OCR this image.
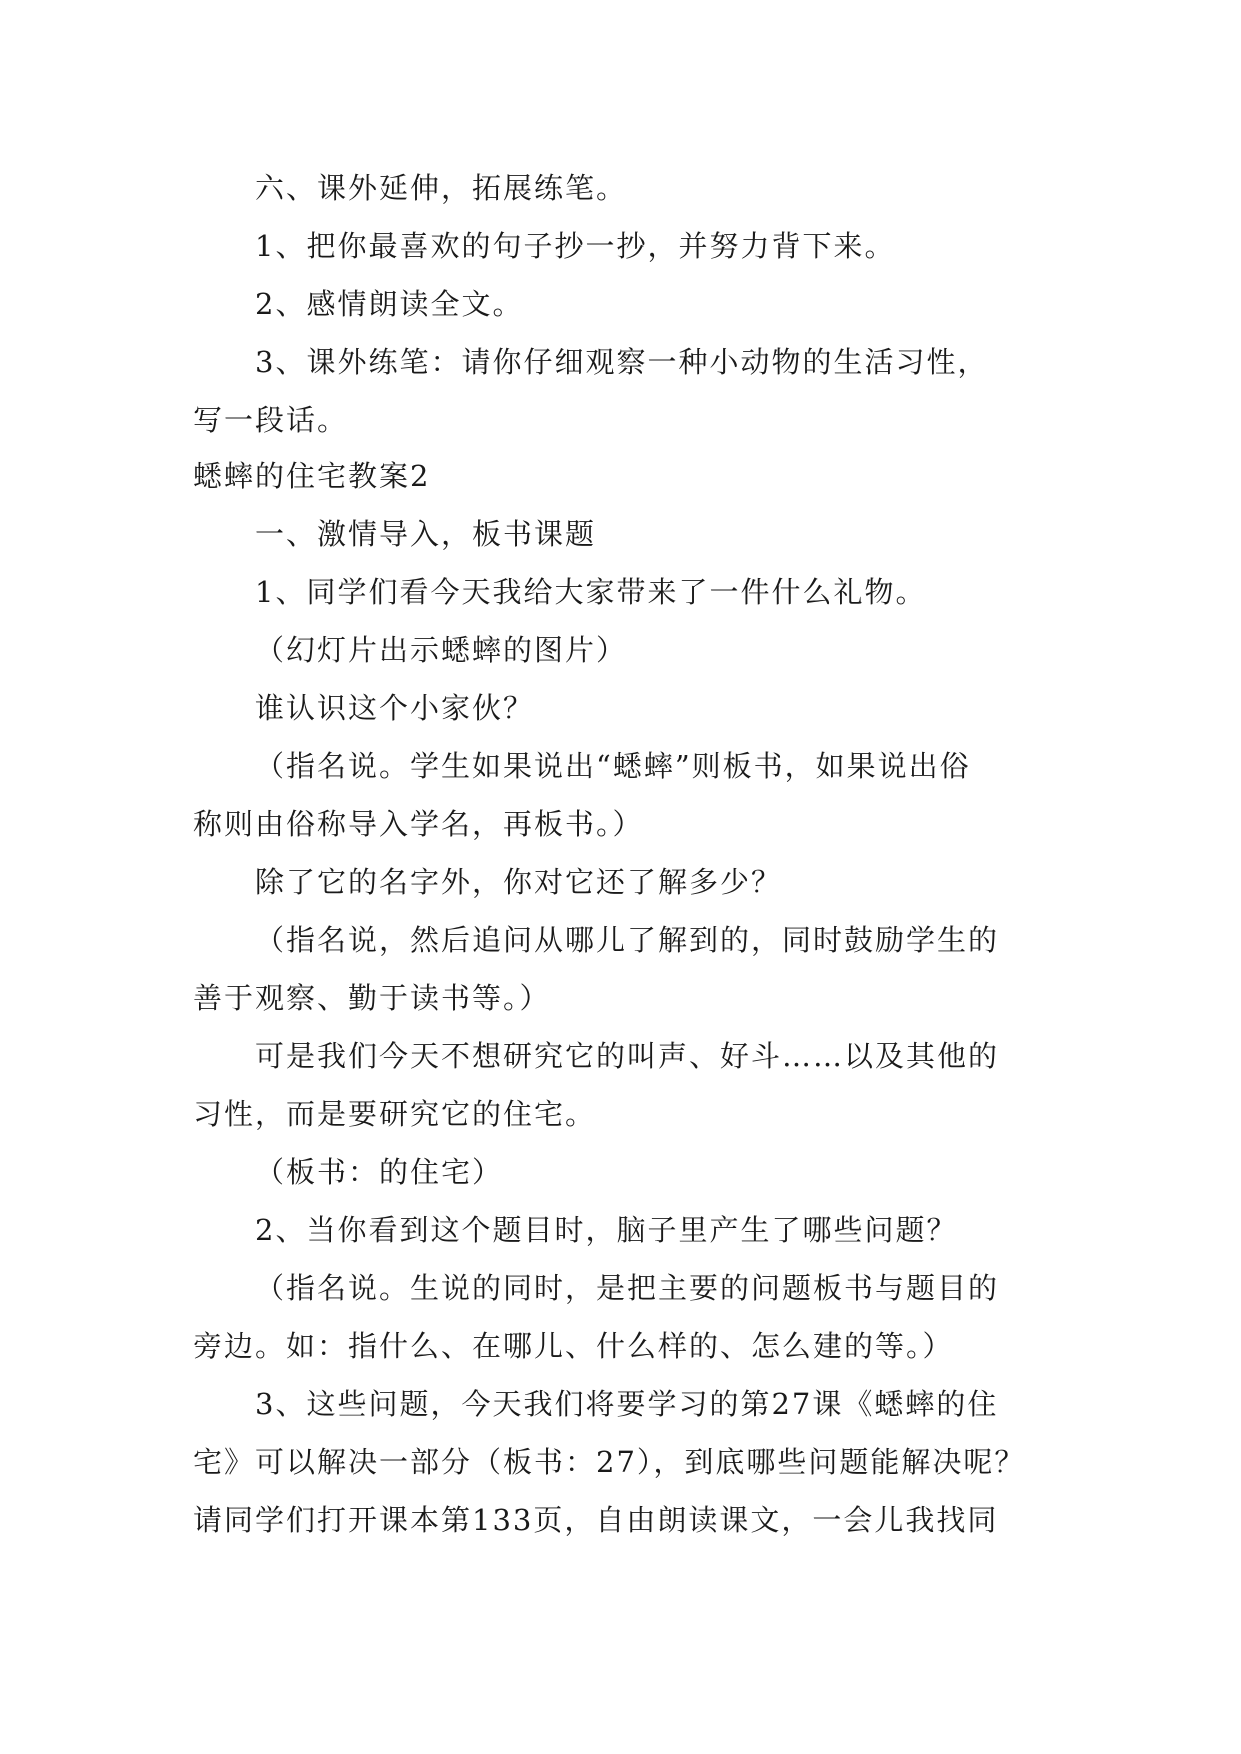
六、课外延伸，拓展练笔。
1、把你最喜欢的句子抄一抄，并努力背下来。
2、感情朗读全文。
3、课外练笔：请你仔细观察一种小动物的生活习性，
写一段话。
蟋蟀的住宅教案2
一、激情导入，板书课题
1、同学们看今天我给大家带来了一件什么礼物。
（幻灯片出示蟋蟀的图片）
谁认识这个小家伙？
（指名说。学生如果说出“蟋蟀”则板书，如果说出俗
称则由俗称导入学名，再板书。）
除了它的名字外，你对它还了解多少？
（指名说，然后追问从哪儿了解到的，同时鼓励学生的
善于观察、勤于读书等。）
可是我们今天不想研究它的叫声、好斗……以及其他的
习性，而是要研究它的住宅。
（板书：的住宅）
2、当你看到这个题目时，脑子里产生了哪些问题？
（指名说。生说的同时，是把主要的问题板书与题目的
旁边。如：指什么、在哪儿、什么样的、怎么建的等。）
3、这些问题，今天我们将要学习的第27课《蟋蟀的住
宅》可以解决一部分（板书：27），到底哪些问题能解决呢？
请同学们打开课本第133页，自由朗读课文，一会儿我找同
